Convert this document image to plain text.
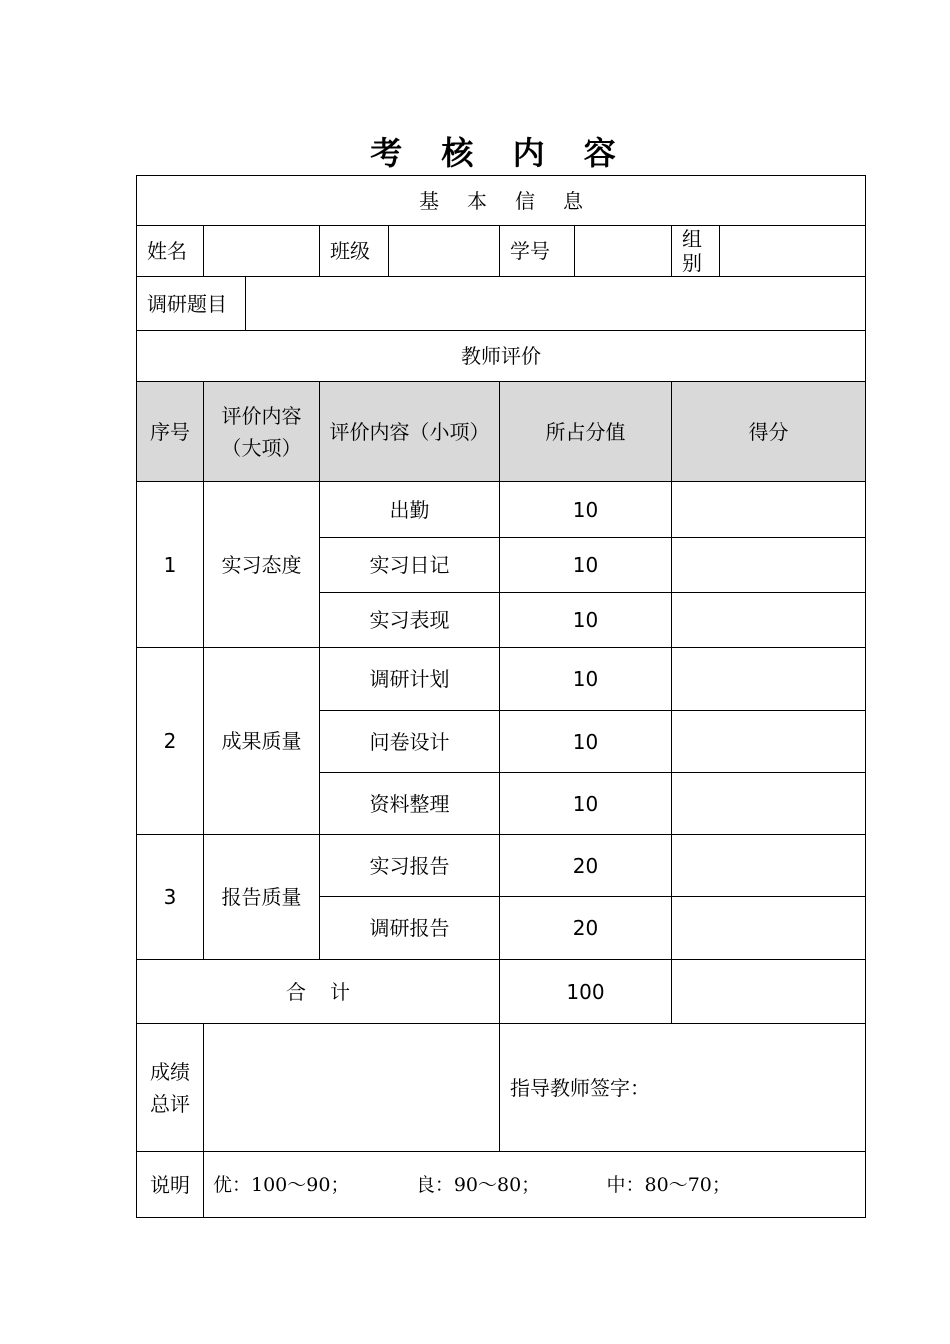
考 核 内 容
基本信息								
姓名			班级		学号		组别	
调研题目								
教师评价								
序号	评价内容（大项）		评价内容（小项）		所占分值		得分	
1	实习态度		出勤		10			
			实习日记		10			
			实习表现		10			
2	成果质量		调研计划		10			
			问卷设计		10			
			资料整理		10			
3	报告质量		实习报告		20			
			调研报告		20			
合计					100			
成绩总评					指导教师签字：			
说明	优：100～90； 良：90～80； 中：80～70；							
